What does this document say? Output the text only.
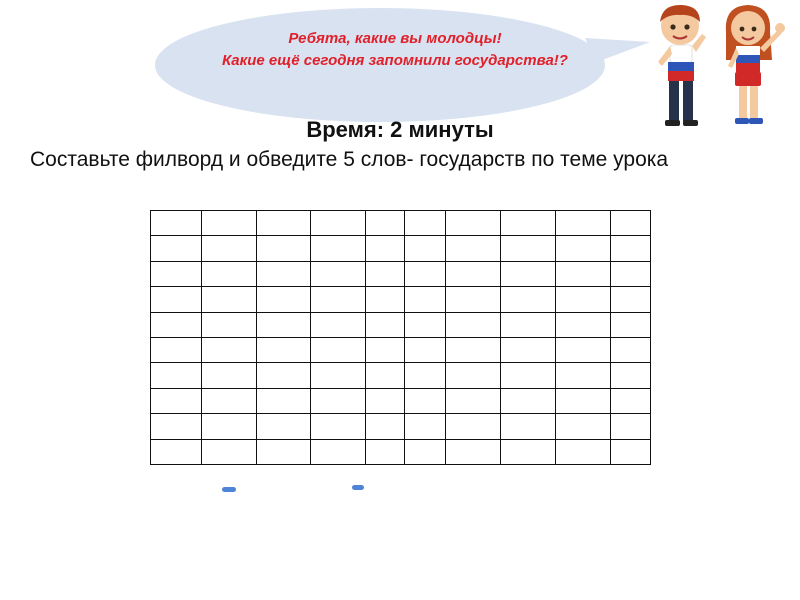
Ребята, какие вы молодцы!
Какие ещё сегодня запомнили государства!?
Время: 2 минуты
Составьте филворд и обведите 5 слов- государств по теме урока
